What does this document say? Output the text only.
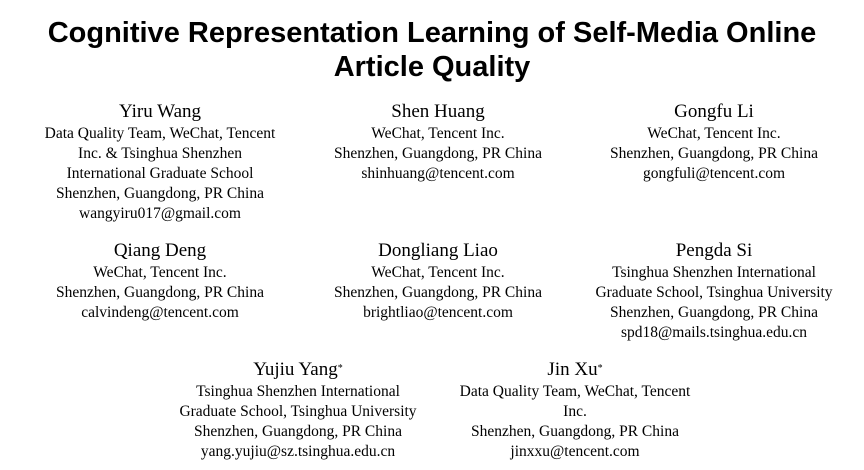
Cognitive Representation Learning of Self-Media Online
Article Quality
Yiru Wang
Data Quality Team, WeChat, Tencent
Inc. & Tsinghua Shenzhen
International Graduate School
Shenzhen, Guangdong, PR China
wangyiru017@gmail.com
Shen Huang
WeChat, Tencent Inc.
Shenzhen, Guangdong, PR China
shinhuang@tencent.com
Gongfu Li
WeChat, Tencent Inc.
Shenzhen, Guangdong, PR China
gongfuli@tencent.com
Qiang Deng
WeChat, Tencent Inc.
Shenzhen, Guangdong, PR China
calvindeng@tencent.com
Dongliang Liao
WeChat, Tencent Inc.
Shenzhen, Guangdong, PR China
brightliao@tencent.com
Pengda Si
Tsinghua Shenzhen International
Graduate School, Tsinghua University
Shenzhen, Guangdong, PR China
spd18@mails.tsinghua.edu.cn
Yujiu Yang*
Tsinghua Shenzhen International
Graduate School, Tsinghua University
Shenzhen, Guangdong, PR China
yang.yujiu@sz.tsinghua.edu.cn
Jin Xu*
Data Quality Team, WeChat, Tencent
Inc.
Shenzhen, Guangdong, PR China
jinxxu@tencent.com
